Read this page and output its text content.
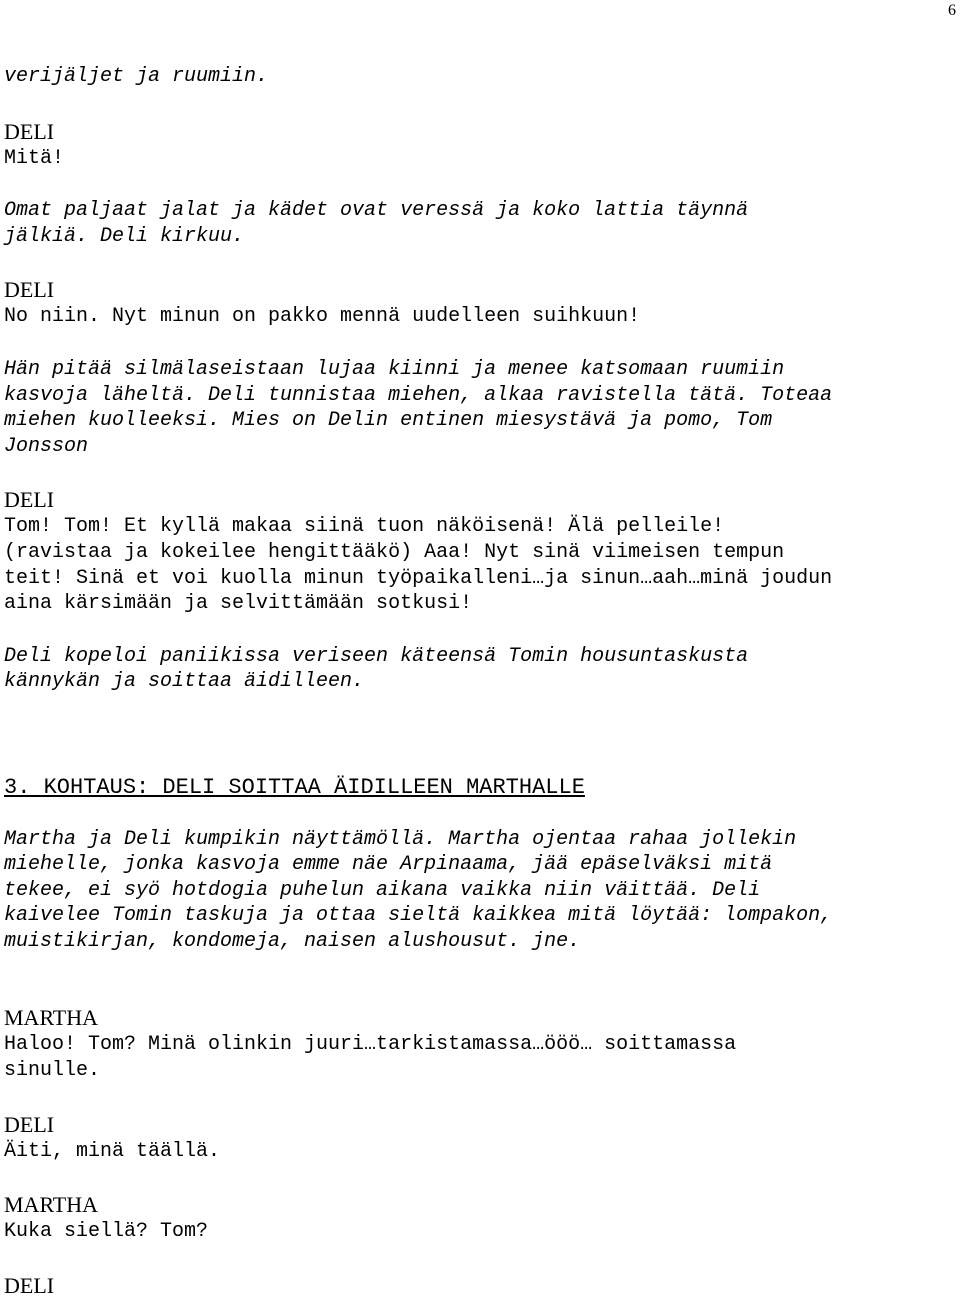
6

verijäljet ja ruumiin.

DELI

Mitä!

Omat paljaat jalat ja kädet ovat veressä ja koko lattia täynnä
jälkiä. Deli kirkuu.

DELI

No niin. Nyt minun on pakko mennä uudelleen suihkuun!

Hän pitää silmälaseistaan lujaa kiinni ja menee katsomaan ruumiin
kasvoja läheltä. Deli tunnistaa miehen, alkaa ravistella tätä. Toteaa
miehen kuolleeksi. Mies on Delin entinen miesystävä ja pomo, Tom
Jonsson

DELI

Tom! Tom! Et kyllä makaa siinä tuon näköisenä! Älä pelleile!
(ravistaa ja kokeilee hengittääkö) Aaa! Nyt sinä viimeisen tempun
teit! Sinä et voi kuolla minun työpaikalleni…ja sinun…aah…minä joudun
aina kärsimään ja selvittämään sotkusi!

Deli kopeloi paniikissa veriseen käteensä Tomin housuntaskusta
kännykän ja soittaa äidilleen.

3. KOHTAUS: DELI SOITTAA ÄIDILLEEN MARTHALLE

Martha ja Deli kumpikin näyttämöllä. Martha ojentaa rahaa jollekin
miehelle, jonka kasvoja emme näe Arpinaama, jää epäselväksi mitä
tekee, ei syö hotdogia puhelun aikana vaikka niin väittää. Deli
kaivelee Tomin taskuja ja ottaa sieltä kaikkea mitä löytää: lompakon,
muistikirjan, kondomeja, naisen alushousut. jne.

MARTHA

Haloo! Tom? Minä olinkin juuri…tarkistamassa…ööö… soittamassa
sinulle.

DELI

Äiti, minä täällä.

MARTHA

Kuka siellä? Tom?

DELI
